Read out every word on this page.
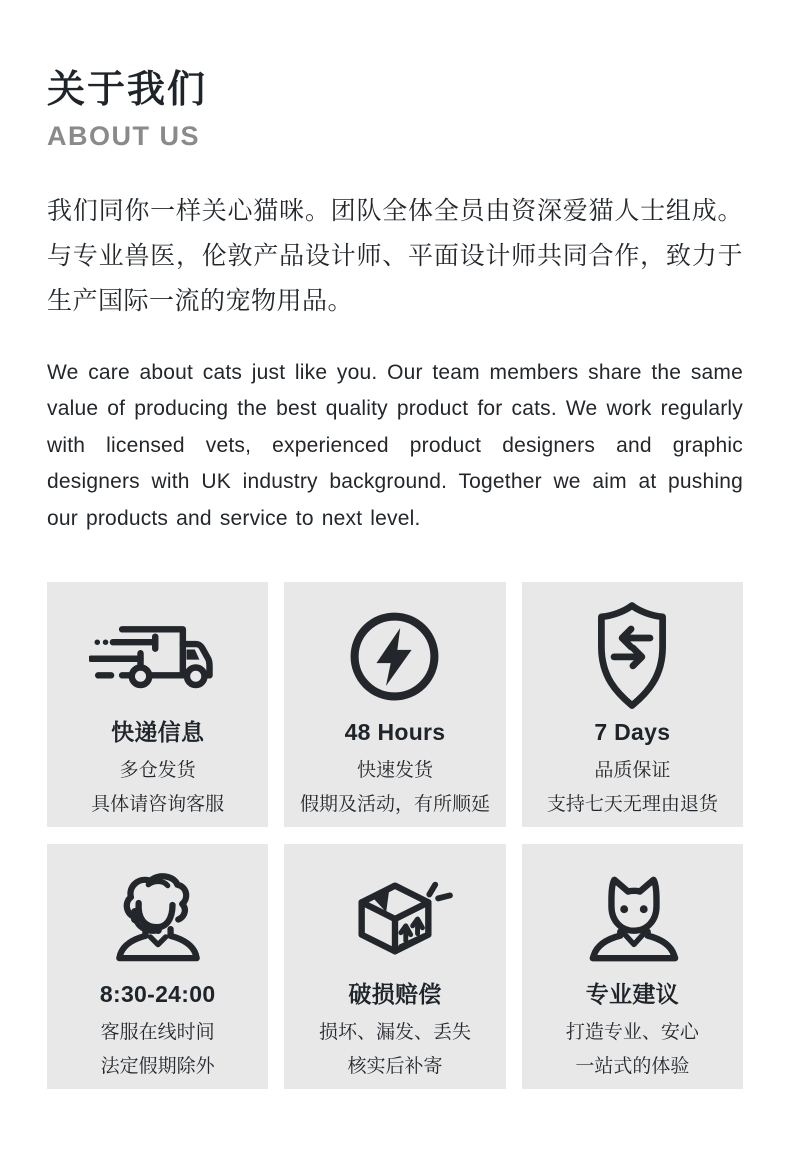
关于我们
ABOUT US

我们同你一样关心猫咪。团队全体全员由资深爱猫人士组成。与专业兽医，伦敦产品设计师、平面设计师共同合作，致力于生产国际一流的宠物用品。

We care about cats just like you. Our team members share the same value of producing the best quality product for cats. We work regularly with licensed vets, experienced product designers and graphic designers with UK industry background. Together we aim at pushing our products and service to next level.

快递信息
多仓发货
具体请咨询客服
48 Hours
快速发货
假期及活动，有所顺延
7 Days
品质保证
支持七天无理由退货
8:30-24:00
客服在线时间
法定假期除外
破损赔偿
损坏、漏发、丢失
核实后补寄
专业建议
打造专业、安心
一站式的体验
